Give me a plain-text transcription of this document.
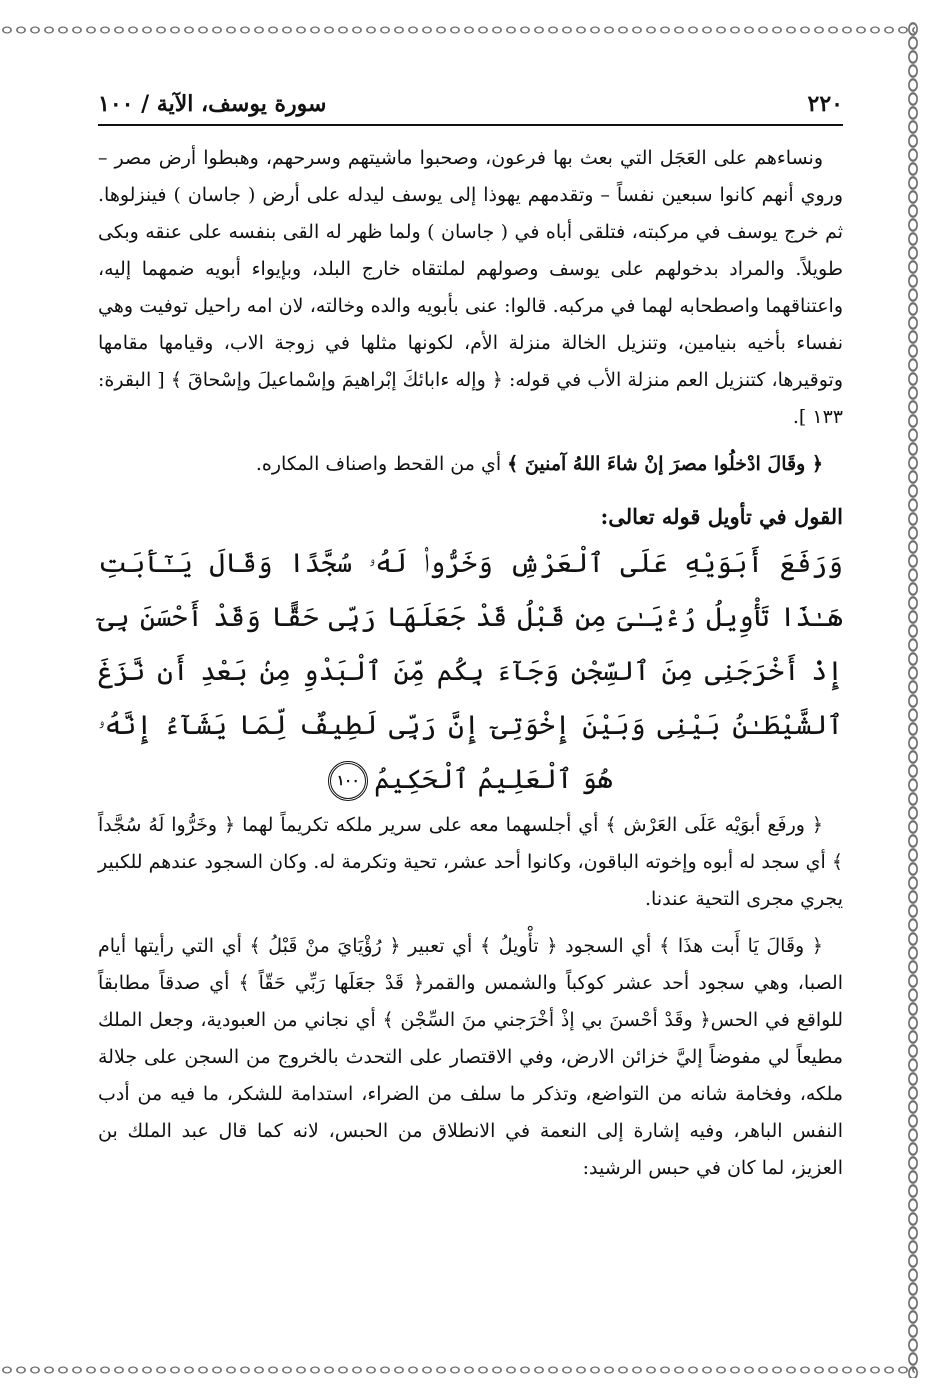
٢٢٠
سورة يوسف، الآية / ١٠٠

ونساءهم على العَجَل التي بعث بها فرعون، وصحبوا ماشيتهم وسرحهم، وهبطوا أرض مصر – وروي أنهم كانوا سبعين نفساً – وتقدمهم يهوذا إلى يوسف ليدله على أرض ( جاسان ) فينزلوها. ثم خرج يوسف في مركبته، فتلقى أباه في ( جاسان ) ولما ظهر له القى بنفسه على عنقه وبكى طويلاً. والمراد بدخولهم على يوسف وصولهم لملتقاه خارج البلد، وبإيواء أبويه ضمهما إليه، واعتناقهما واصطحابه لهما في مركبه. قالوا: عنى بأبويه والده وخالته، لان امه راحيل توفيت وهي نفساء بأخيه بنيامين، وتنزيل الخالة منزلة الأم، لكونها مثلها في زوجة الاب، وقيامها مقامها وتوقيرها، كتنزيل العم منزلة الأب في قوله: ﴿ وإله ءابائكَ إبْراهيمَ وإسْماعيلَ وإسْحاقَ ﴾ [ البقرة: ١٣٣ ].

﴿ وقَالَ ادْخلُوا مصرَ إنْ شاءَ اللهُ آمنينَ ﴾ أي من القحط واصناف المكاره.

القول في تأويل قوله تعالى:

وَرَفَعَ أَبَوَيْهِ عَلَى ٱلْعَرْشِ وَخَرُّوا۟ لَهُۥ سُجَّدًا وَقَالَ يَـٰٓأَبَتِ هَـٰذَا تَأْوِيلُ رُءْيَـٰىَ مِن قَبْلُ قَدْ جَعَلَهَا رَبِّى حَقًّا وَقَدْ أَحْسَنَ بِىٓ إِذْ أَخْرَجَنِى مِنَ ٱلسِّجْنِ وَجَآءَ بِكُم مِّنَ ٱلْبَدْوِ مِنۢ بَعْدِ أَن نَّزَغَ ٱلشَّيْطَـٰنُ بَيْنِى وَبَيْنَ إِخْوَتِىٓ إِنَّ رَبِّى لَطِيفٌ لِّمَا يَشَآءُ إِنَّهُۥ هُوَ ٱلْعَلِيمُ ٱلْحَكِيمُ١٠٠

﴿ ورفَع أبوَيْه عَلَى العَرْش ﴾ أي أجلسهما معه على سرير ملكه تكريماً لهما ﴿ وخَرُّوا لَهُ سُجَّداً ﴾ أي سجد له أبوه وإخوته الباقون، وكانوا أحد عشر، تحية وتكرمة له. وكان السجود عندهم للكبير يجري مجرى التحية عندنا.

﴿ وقَالَ يَا أَبت هذَا ﴾ أي السجود ﴿ تأْويلُ ﴾ أي تعبير ﴿ رُؤْيَايَ منْ قَبْلُ ﴾ أي التي رأيتها أيام الصبا، وهي سجود أحد عشر كوكباً والشمس والقمر﴿ قَدْ جعَلَها رَبِّي حَقّاً ﴾ أي صدقاً مطابقاً للواقع في الحس﴿ وقَدْ أحْسنَ بي إذْ أخْرَجني منَ السِّجْن ﴾ أي نجاني من العبودية، وجعل الملك مطيعاً لي مفوضاً إليَّ خزائن الارض، وفي الاقتصار على التحدث بالخروج من السجن على جلالة ملكه، وفخامة شانه من التواضع، وتذكر ما سلف من الضراء، استدامة للشكر، ما فيه من أدب النفس الباهر، وفيه إشارة إلى النعمة في الانطلاق من الحبس، لانه كما قال عبد الملك بن العزيز، لما كان في حبس الرشيد:
